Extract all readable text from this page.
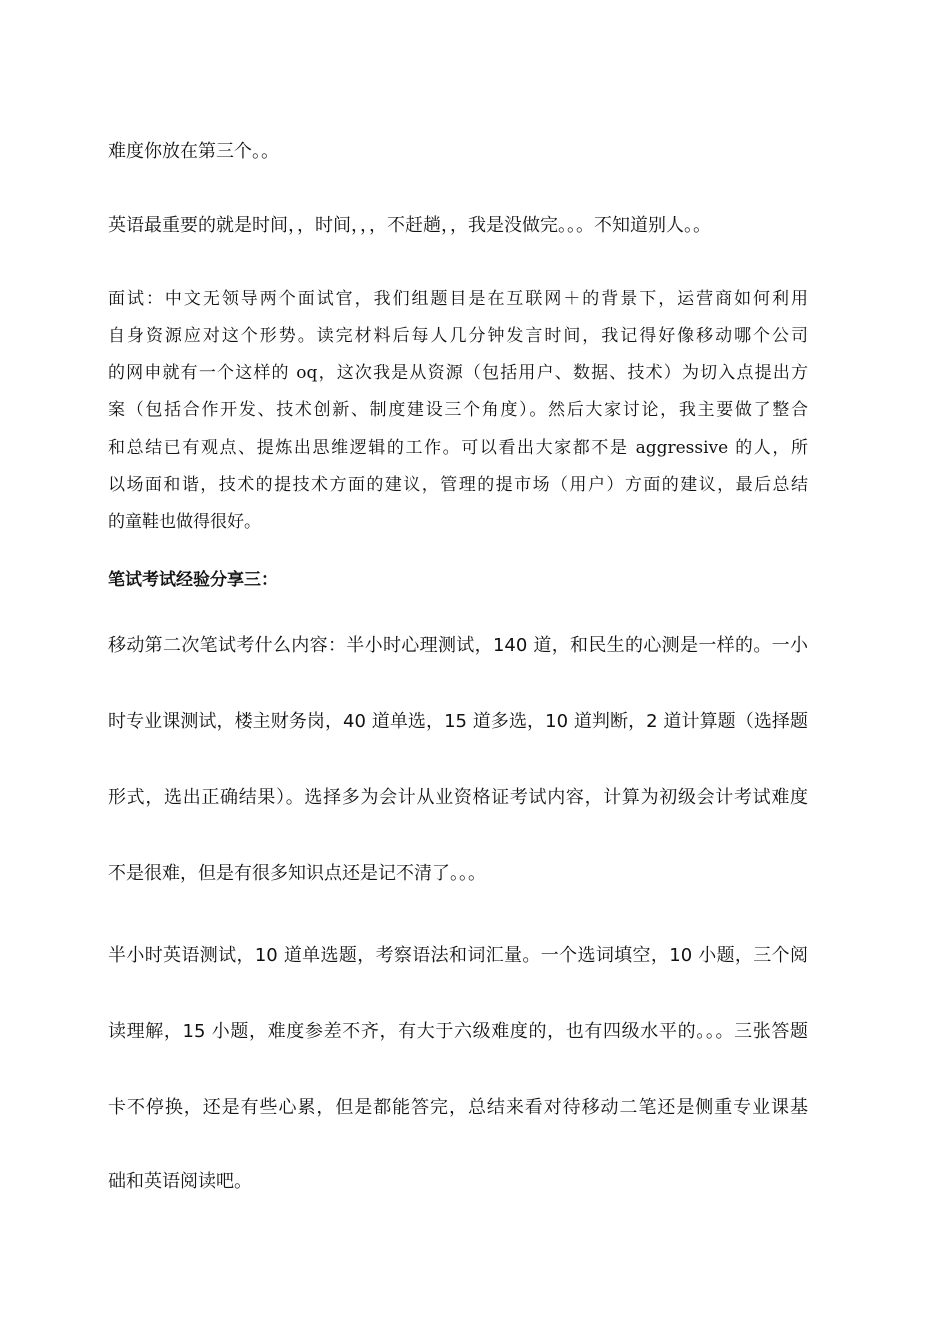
难度你放在第三个。。
英语最重要的就是时间，，时间，，，不赶趟，，我是没做完。。。不知道别人。。
面试：中文无领导两个面试官，我们组题目是在互联网＋的背景下，运营商如何利用
自身资源应对这个形势。读完材料后每人几分钟发言时间，我记得好像移动哪个公司
的网申就有一个这样的 oq，这次我是从资源（包括用户、数据、技术）为切入点提出方
案（包括合作开发、技术创新、制度建设三个角度）。然后大家讨论，我主要做了整合
和总结已有观点、提炼出思维逻辑的工作。可以看出大家都不是 aggressive 的人，所
以场面和谐，技术的提技术方面的建议，管理的提市场（用户）方面的建议，最后总结
的童鞋也做得很好。
笔试考试经验分享三：
移动第二次笔试考什么内容：半小时心理测试，140 道，和民生的心测是一样的。一小
时专业课测试，楼主财务岗，40 道单选，15 道多选，10 道判断，2 道计算题（选择题
形式，选出正确结果）。选择多为会计从业资格证考试内容，计算为初级会计考试难度
不是很难，但是有很多知识点还是记不清了。。。
半小时英语测试，10 道单选题，考察语法和词汇量。一个选词填空，10 小题，三个阅
读理解，15 小题，难度参差不齐，有大于六级难度的，也有四级水平的。。。三张答题
卡不停换，还是有些心累，但是都能答完，总结来看对待移动二笔还是侧重专业课基
础和英语阅读吧。
